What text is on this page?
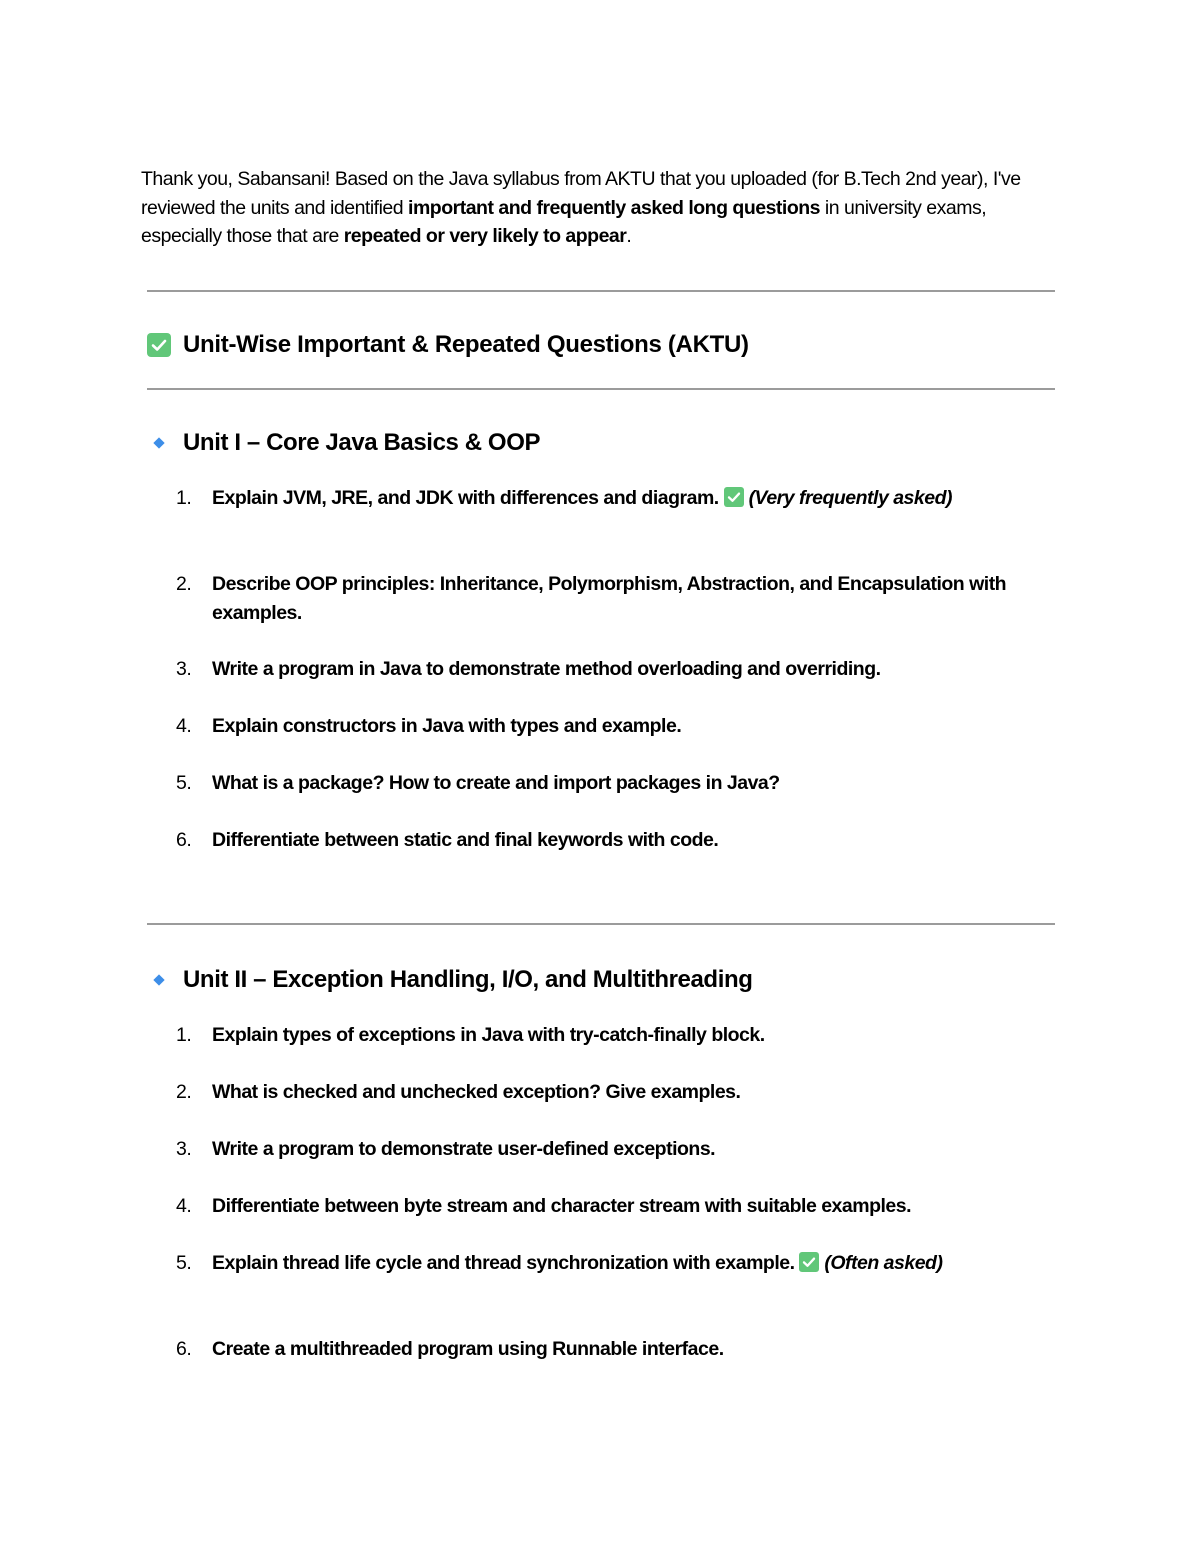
Thank you, Sabansani! Based on the Java syllabus from AKTU that you uploaded (for B.Tech 2nd year), I've reviewed the units and identified important and frequently asked long questions in university exams, especially those that are repeated or very likely to appear.

Unit-Wise Important & Repeated Questions (AKTU)
Unit I – Core Java Basics & OOP
1.	Explain JVM, JRE, and JDK with differences and diagram. (Very frequently asked)
2.	Describe OOP principles: Inheritance, Polymorphism, Abstraction, and Encapsulation with examples.
3.	Write a program in Java to demonstrate method overloading and overriding.
4.	Explain constructors in Java with types and example.
5.	What is a package? How to create and import packages in Java?
6.	Differentiate between static and final keywords with code.
Unit II – Exception Handling, I/O, and Multithreading
1.	Explain types of exceptions in Java with try-catch-finally block.
2.	What is checked and unchecked exception? Give examples.
3.	Write a program to demonstrate user-defined exceptions.
4.	Differentiate between byte stream and character stream with suitable examples.
5.	Explain thread life cycle and thread synchronization with example. (Often asked)
6.	Create a multithreaded program using Runnable interface.
